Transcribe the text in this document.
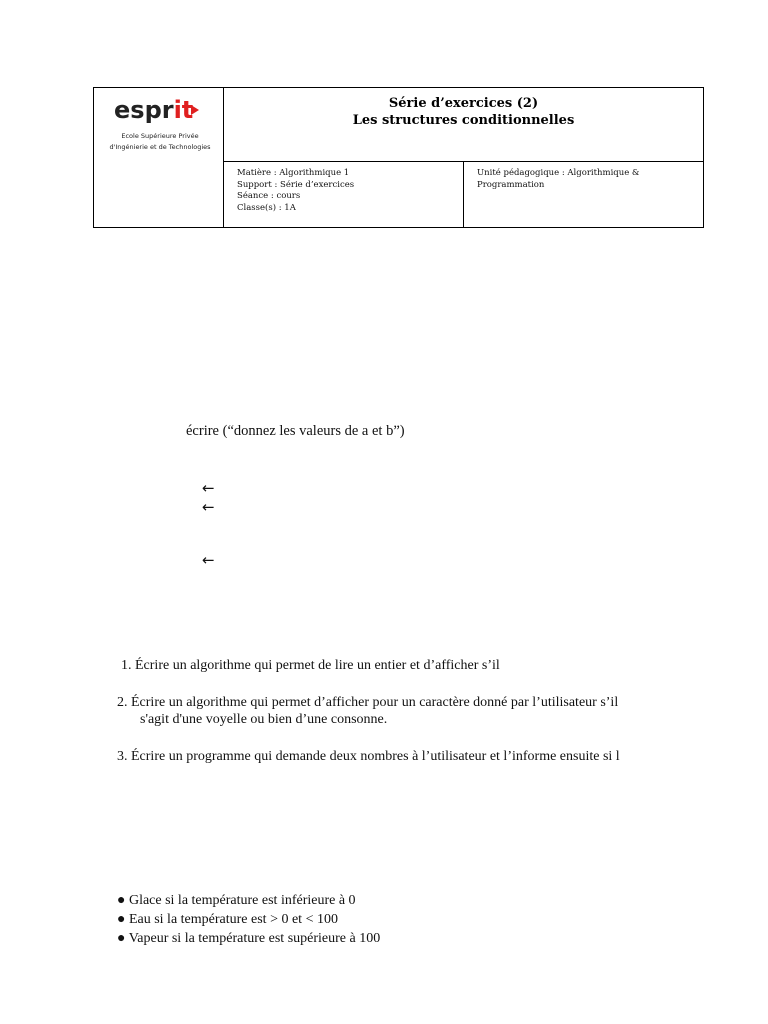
esprit
Ecole Supérieure Privée d'Ingénierie et de Technologies
Série d’exercices (2)
Les structures conditionnelles
Matière : Algorithmique 1
Support : Série d’exercices
Séance : cours
Classe(s) : 1A
Unité pédagogique : Algorithmique &
Programmation
écrire (“donnez les valeurs de a et b”)
←
←
←
1. Écrire un algorithme qui permet de lire un entier et d’afficher s’il
2. Écrire un algorithme qui permet d’afficher pour un caractère donné par l’utilisateur s’il
s'agit d'une voyelle ou bien d’une consonne.
3. Écrire un programme qui demande deux nombres à l’utilisateur et l’informe ensuite si l
● Glace si la température est inférieure à 0
● Eau si la température est > 0 et < 100
● Vapeur si la température est supérieure à 100
